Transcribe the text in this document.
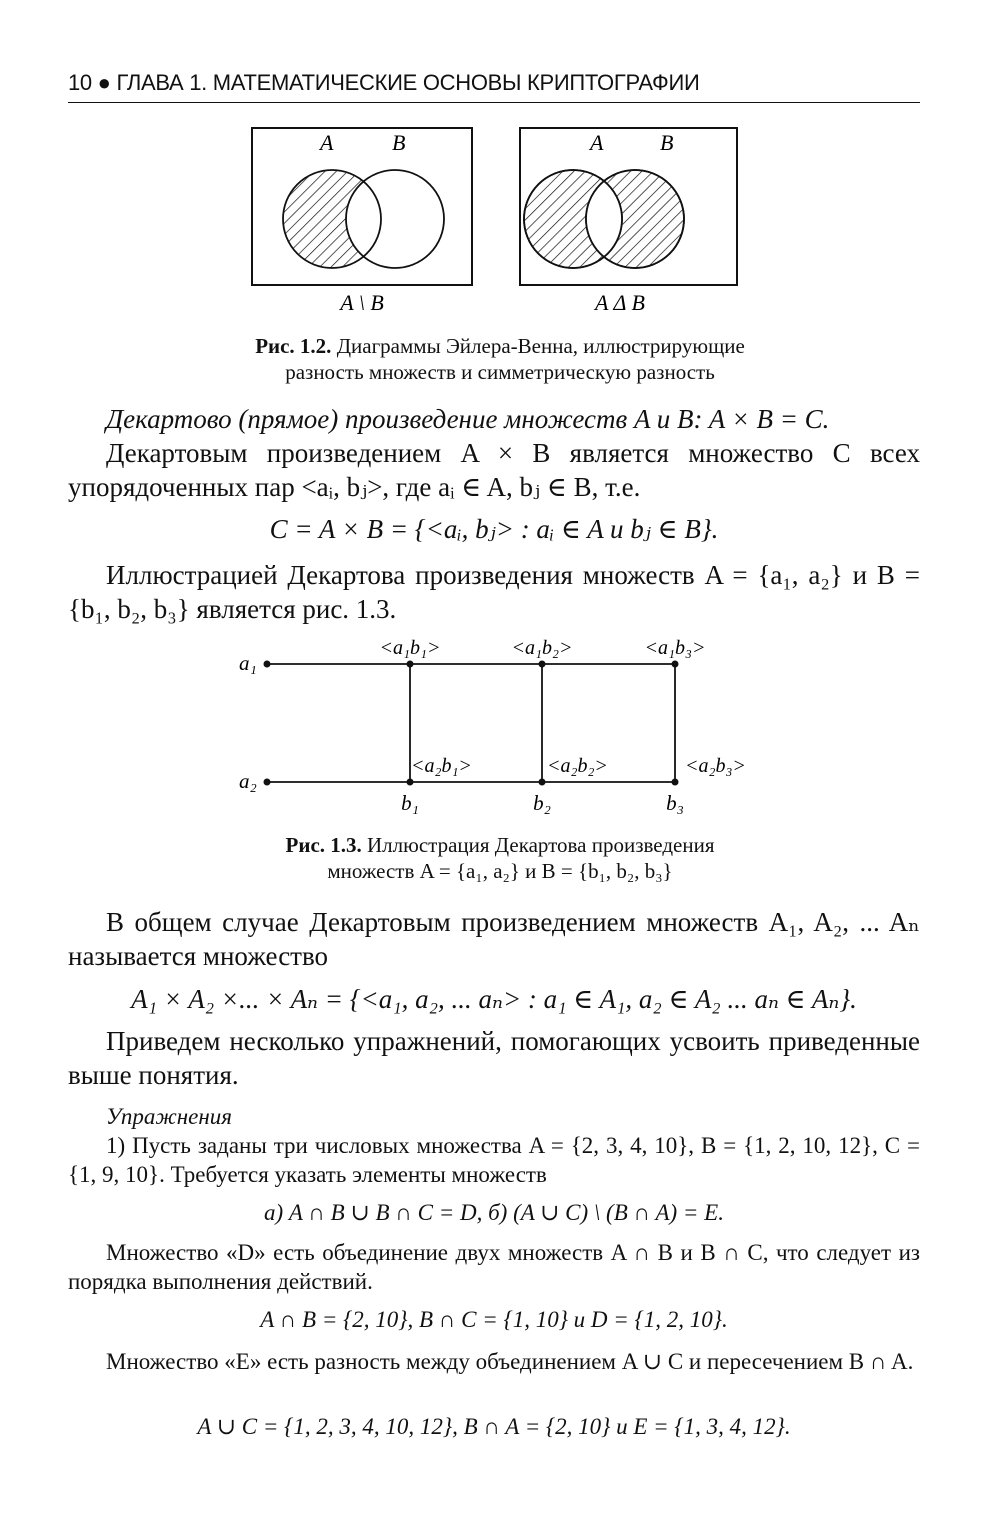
10 ● ГЛАВА 1. МАТЕМАТИЧЕСКИЕ ОСНОВЫ КРИПТОГРАФИИ
A	B
A \ B
A	B
A Δ B
Рис. 1.2. Диаграммы Эйлера-Венна, иллюстрирующие
разность множеств и симметрическую разность
Декартово (прямое) произведение множеств A и B: A × B = C.
Декартовым произведением A × B является множество C всех упорядоченных пар <aᵢ, bⱼ>, где aᵢ ∈ A, bⱼ ∈ B, т.е.
C = A × B = {<aᵢ, bⱼ> : aᵢ ∈ A и bⱼ ∈ B}.
Иллюстрацией Декартова произведения множеств A = {a₁, a₂} и B = {b₁, b₂, b₃} является рис. 1.3.
a₁
a₂
<a₁b₁>	<a₁b₂>	<a₁b₃>
<a₂b₁>	<a₂b₂>	<a₂b₃>
b₁	b₂	b₃
Рис. 1.3. Иллюстрация Декартова произведения
множеств A = {a₁, a₂} и B = {b₁, b₂, b₃}
В общем случае Декартовым произведением множеств A₁, A₂, ... Aₙ называется множество
A₁ × A₂ ×... × Aₙ = {<a₁, a₂, ... aₙ> : a₁ ∈ A₁, a₂ ∈ A₂ ... aₙ ∈ Aₙ}.
Приведем несколько упражнений, помогающих усвоить приведенные выше понятия.
Упражнения
1) Пусть заданы три числовых множества A = {2, 3, 4, 10}, B = {1, 2, 10, 12}, C = {1, 9, 10}. Требуется указать элементы множеств
а) A ∩ B ∪ B ∩ C = D, б) (A ∪ C) \ (B ∩ A) = E.
Множество «D» есть объединение двух множеств A ∩ B и B ∩ C, что следует из порядка выполнения действий.
A ∩ B = {2, 10}, B ∩ C = {1, 10} и D = {1, 2, 10}.
Множество «E» есть разность между объединением A ∪ C и пересечением B ∩ A.
A ∪ C = {1, 2, 3, 4, 10, 12}, B ∩ A = {2, 10} и E = {1, 3, 4, 12}.
